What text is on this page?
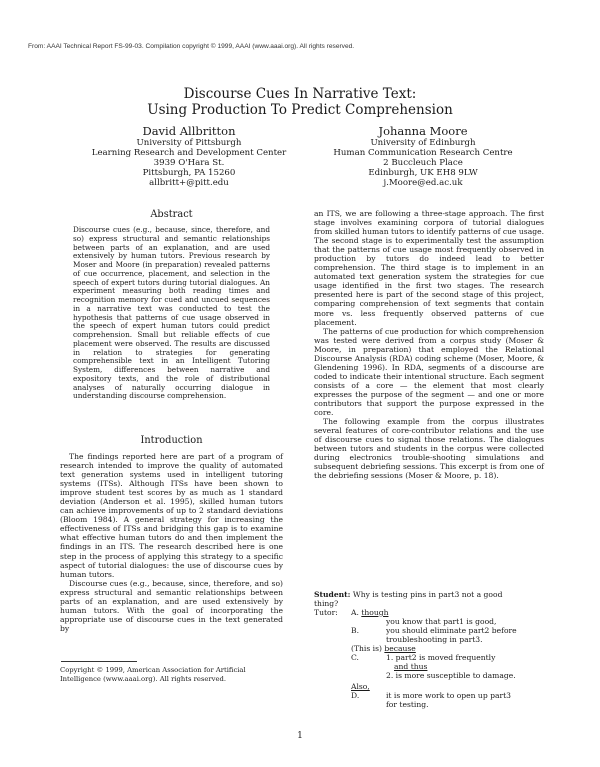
From: AAAI Technical Report FS-99-03. Compilation copyright © 1999, AAAI (www.aaai.org). All rights reserved.
Discourse Cues In Narrative Text:
Using Production To Predict Comprehension
David Allbritton
University of Pittsburgh
Learning Research and Development Center
3939 O'Hara St.
Pittsburgh, PA 15260
allbritt+@pitt.edu
Johanna Moore
University of Edinburgh
Human Communication Research Centre
2 Buccleuch Place
Edinburgh, UK EH8 9LW
j.Moore@ed.ac.uk
Abstract
Discourse cues (e.g., because, since, therefore, and so) express structural and semantic relationships between parts of an explanation, and are used extensively by human tutors. Previous research by Moser and Moore (in preparation) revealed patterns of cue occurrence, placement, and selection in the speech of expert tutors during tutorial dialogues. An experiment measuring both reading times and recognition memory for cued and uncued sequences in a narrative text was conducted to test the hypothesis that patterns of cue usage observed in the speech of expert human tutors could predict comprehension. Small but reliable effects of cue placement were observed. The results are discussed in relation to strategies for generating comprehensible text in an Intelligent Tutoring System, differences between narrative and expository texts, and the role of distributional analyses of naturally occurring dialogue in understanding discourse comprehension.
Introduction

The findings reported here are part of a program of research intended to improve the quality of automated text generation systems used in intelligent tutoring systems (ITSs). Although ITSs have been shown to improve student test scores by as much as 1 standard deviation (Anderson et al. 1995), skilled human tutors can achieve improvements of up to 2 standard deviations (Bloom 1984). A general strategy for increasing the effectiveness of ITSs and bridging this gap is to examine what effective human tutors do and then implement the findings in an ITS. The research described here is one step in the process of applying this strategy to a specific aspect of tutorial dialogues: the use of discourse cues by human tutors.

Discourse cues (e.g., because, since, therefore, and so) express structural and semantic relationships between parts of an explanation, and are used extensively by human tutors. With the goal of incorporating the appropriate use of discourse cues in the text generated by

Copyright © 1999, American Association for Artificial Intelligence (www.aaai.org). All rights reserved.

an ITS, we are following a three-stage approach. The first stage involves examining corpora of tutorial dialogues from skilled human tutors to identify patterns of cue usage. The second stage is to experimentally test the assumption that the patterns of cue usage most frequently observed in production by tutors do indeed lead to better comprehension. The third stage is to implement in an automated text generation system the strategies for cue usage identified in the first two stages. The research presented here is part of the second stage of this project, comparing comprehension of text segments that contain more vs. less frequently observed patterns of cue placement.

The patterns of cue production for which comprehension was tested were derived from a corpus study (Moser & Moore, in preparation) that employed the Relational Discourse Analysis (RDA) coding scheme (Moser, Moore, & Glendening 1996). In RDA, segments of a discourse are coded to indicate their intentional structure. Each segment consists of a core — the element that most clearly expresses the purpose of the segment — and one or more contributors that support the purpose expressed in the core.

The following example from the corpus illustrates several features of core-contributor relations and the use of discourse cues to signal those relations. The dialogues between tutors and students in the corpus were collected during electronics trouble-shooting simulations and subsequent debriefing sessions. This excerpt is from one of the debriefing sessions (Moser & Moore, p. 18).

Student: Why is testing pins in part3 not a good
thing?
Tutor: A. though
you know that part1 is good,
B.	you should eliminate part2 before
troubleshooting in part3.
(This is) because
C.	1. part2 is moved frequently
and thus
2. is more susceptible to damage.
Also,
D.	it is more work to open up part3
for testing.
1
